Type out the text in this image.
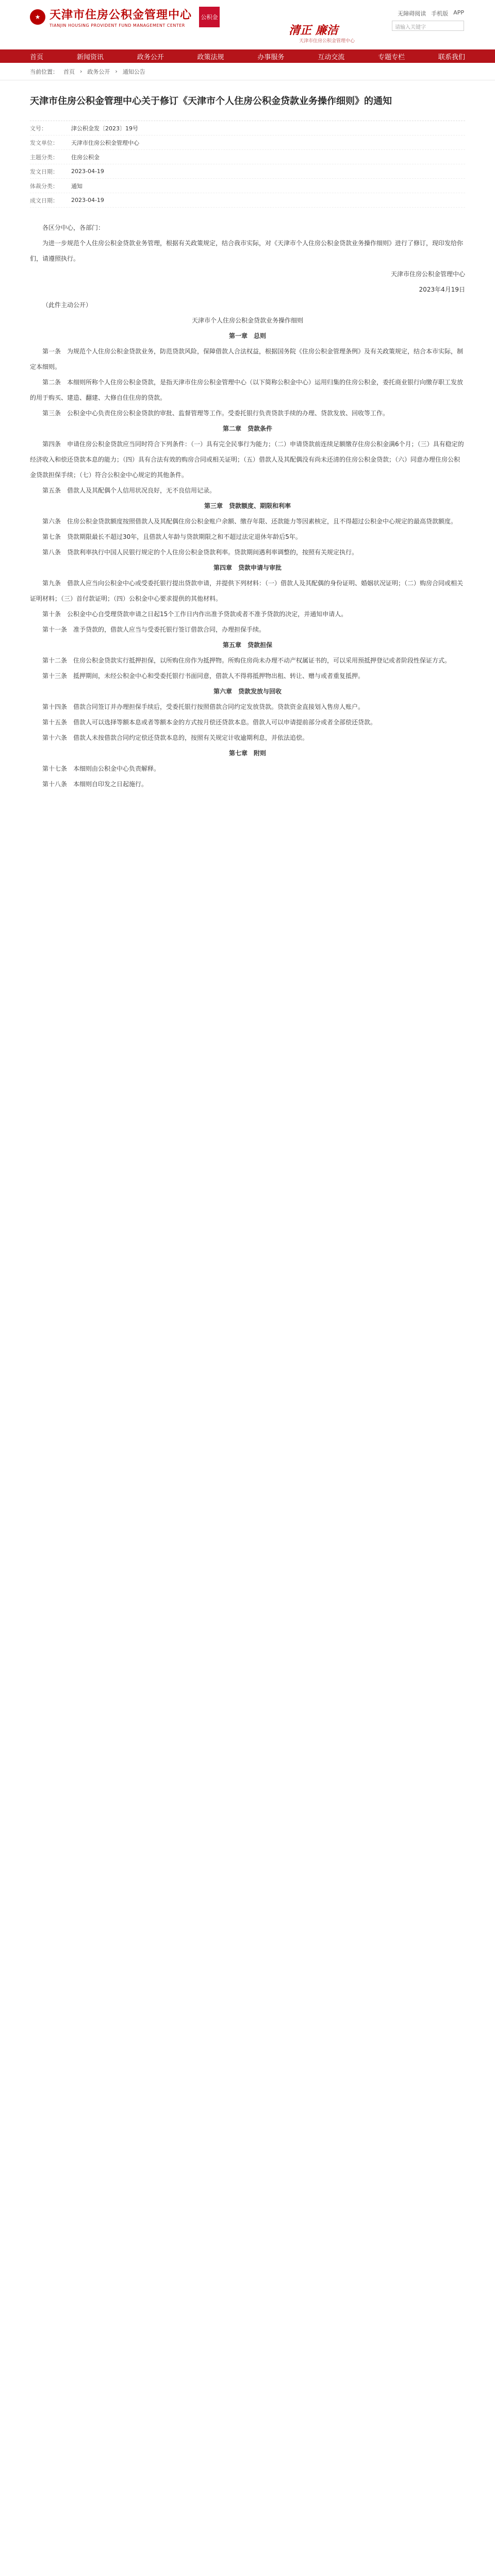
★ 天津市住房公积金管理中心
TIANJIN HOUSING PROVIDENT FUND MANAGEMENT CENTER
公积金
清正 廉洁
天津市住房公积金管理中心
无障碍阅读 手机版 APP
请输入关键字
首页	新闻资讯	政务公开	政策法规	办事服务	互动交流	专题专栏	联系我们
当前位置： 首页 › 政务公开 › 通知公告
天津市住房公积金管理中心关于修订《天津市个人住房公积金贷款业务操作细则》的通知
文号：	津公积金发〔2023〕19号
发文单位：	天津市住房公积金管理中心
主题分类：	住房公积金
发文日期：	2023-04-19
体裁分类：	通知
成文日期：	2023-04-19

各区分中心，各部门：

为进一步规范个人住房公积金贷款业务管理，根据有关政策规定，结合我市实际，对《天津市个人住房公积金贷款业务操作细则》进行了修订，现印发给你们，请遵照执行。

天津市住房公积金管理中心

2023年4月19日

（此件主动公开）

天津市个人住房公积金贷款业务操作细则

第一章　总则

第一条　为规范个人住房公积金贷款业务，防范贷款风险，保障借款人合法权益，根据国务院《住房公积金管理条例》及有关政策规定，结合本市实际，制定本细则。

第二条　本细则所称个人住房公积金贷款，是指天津市住房公积金管理中心（以下简称公积金中心）运用归集的住房公积金，委托商业银行向缴存职工发放的用于购买、建造、翻建、大修自住住房的贷款。

第三条　公积金中心负责住房公积金贷款的审批、监督管理等工作。受委托银行负责贷款手续的办理、贷款发放、回收等工作。

第二章　贷款条件

第四条　申请住房公积金贷款应当同时符合下列条件：（一）具有完全民事行为能力；（二）申请贷款前连续足额缴存住房公积金满6个月；（三）具有稳定的经济收入和偿还贷款本息的能力；（四）具有合法有效的购房合同或相关证明；（五）借款人及其配偶没有尚未还清的住房公积金贷款；（六）同意办理住房公积金贷款担保手续；（七）符合公积金中心规定的其他条件。

第五条　借款人及其配偶个人信用状况良好，无不良信用记录。

第三章　贷款额度、期限和利率

第六条　住房公积金贷款额度按照借款人及其配偶住房公积金账户余额、缴存年限、还款能力等因素核定，且不得超过公积金中心规定的最高贷款额度。

第七条　贷款期限最长不超过30年，且借款人年龄与贷款期限之和不超过法定退休年龄后5年。

第八条　贷款利率执行中国人民银行规定的个人住房公积金贷款利率。贷款期间遇利率调整的，按照有关规定执行。

第四章　贷款申请与审批

第九条　借款人应当向公积金中心或受委托银行提出贷款申请，并提供下列材料：（一）借款人及其配偶的身份证明、婚姻状况证明；（二）购房合同或相关证明材料；（三）首付款证明；（四）公积金中心要求提供的其他材料。

第十条　公积金中心自受理贷款申请之日起15个工作日内作出准予贷款或者不准予贷款的决定，并通知申请人。

第十一条　准予贷款的，借款人应当与受委托银行签订借款合同，办理担保手续。

第五章　贷款担保

第十二条　住房公积金贷款实行抵押担保，以所购住房作为抵押物。所购住房尚未办理不动产权属证书的，可以采用预抵押登记或者阶段性保证方式。

第十三条　抵押期间，未经公积金中心和受委托银行书面同意，借款人不得将抵押物出租、转让、赠与或者重复抵押。

第六章　贷款发放与回收

第十四条　借款合同签订并办理担保手续后，受委托银行按照借款合同约定发放贷款。贷款资金直接划入售房人账户。

第十五条　借款人可以选择等额本息或者等额本金的方式按月偿还贷款本息。借款人可以申请提前部分或者全部偿还贷款。

第十六条　借款人未按借款合同约定偿还贷款本息的，按照有关规定计收逾期利息，并依法追偿。

第七章　附则

第十七条　本细则由公积金中心负责解释。

第十八条　本细则自印发之日起施行。
